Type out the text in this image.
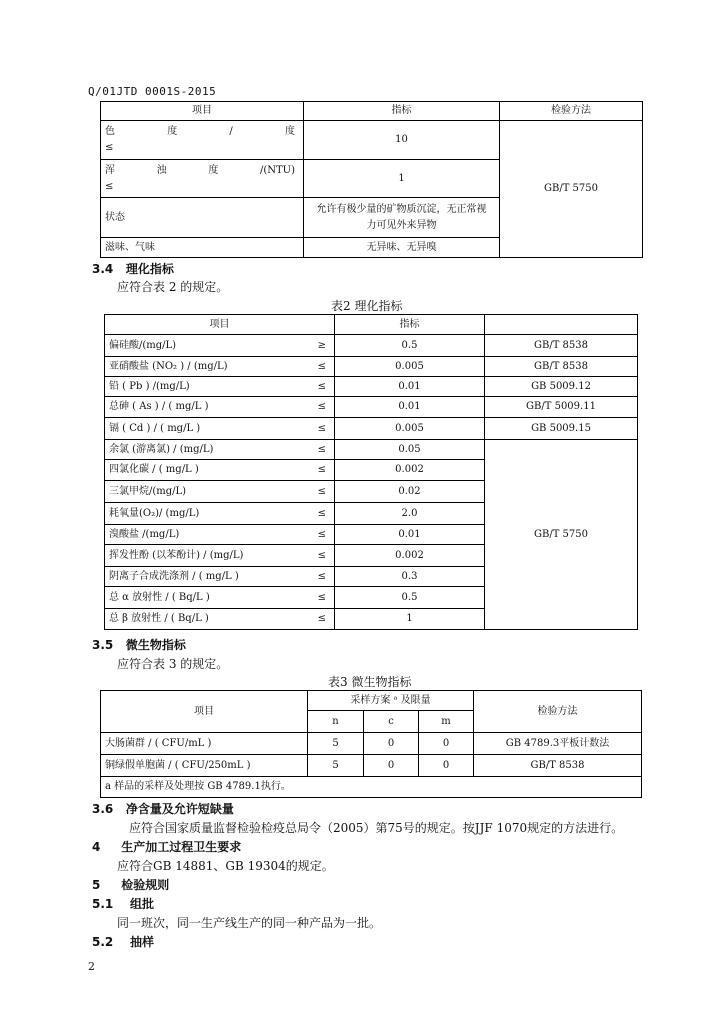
Q/01JTD 0001S-2015
项目	指标	检验方法

色 度 / 度
≤	10	GB/T 5750

浑 浊 度 /(NTU)
≤	1	
状态	允许有极少量的矿物质沉淀，无正常视
力可见外来异物	

滋味、气味	无异味、无异嗅	
3.4 理化指标
应符合表 2 的规定。
表2 理化指标
项目	指标	

偏硅酸/(mg/L) ≥	0.5	GB/T 8538

亚硝酸盐 (NO₂ ) / (mg/L) ≤	0.005	GB/T 8538

铅 ( Pb ) /(mg/L) ≤	0.01	GB 5009.12

总砷 ( As ) / ( mg/L ) ≤	0.01	GB/T 5009.11

镉 ( Cd ) / ( mg/L ) ≤	0.005	GB 5009.15

余氯 (游离氯) / (mg/L) ≤	0.05	GB/T 5750

四氯化碳 / ( mg/L ) ≤	0.002	

三氯甲烷/(mg/L) ≤	0.02	

耗氧量(O₂)/ (mg/L) ≤	2.0	

溴酸盐 /(mg/L) ≤	0.01	

挥发性酚 (以苯酚计) / (mg/L) ≤	0.002	

阴离子合成洗涤剂 / ( mg/L ) ≤	0.3	

总 α 放射性 / ( Bq/L ) ≤	0.5	

总 β 放射性 / ( Bq/L ) ≤	1	
3.5 微生物指标
应符合表 3 的规定。
表3 微生物指标
项目	采样方案 ᵃ 及限量			检验方法
	n	c	m	
大肠菌群 / ( CFU/mL )	5	0	0	GB 4789.3平板计数法
铜绿假单胞菌 / ( CFU/250mL )	5	0	0	GB/T 8538
a 样品的采样及处理按 GB 4789.1执行。				
3.6 净含量及允许短缺量
应符合国家质量监督检验检疫总局令（2005）第75号的规定。按JJF 1070规定的方法进行。
4 生产加工过程卫生要求
应符合GB 14881、GB 19304的规定。
5 检验规则
5.1 组批
同一班次，同一生产线生产的同一种产品为一批。
5.2 抽样
2
